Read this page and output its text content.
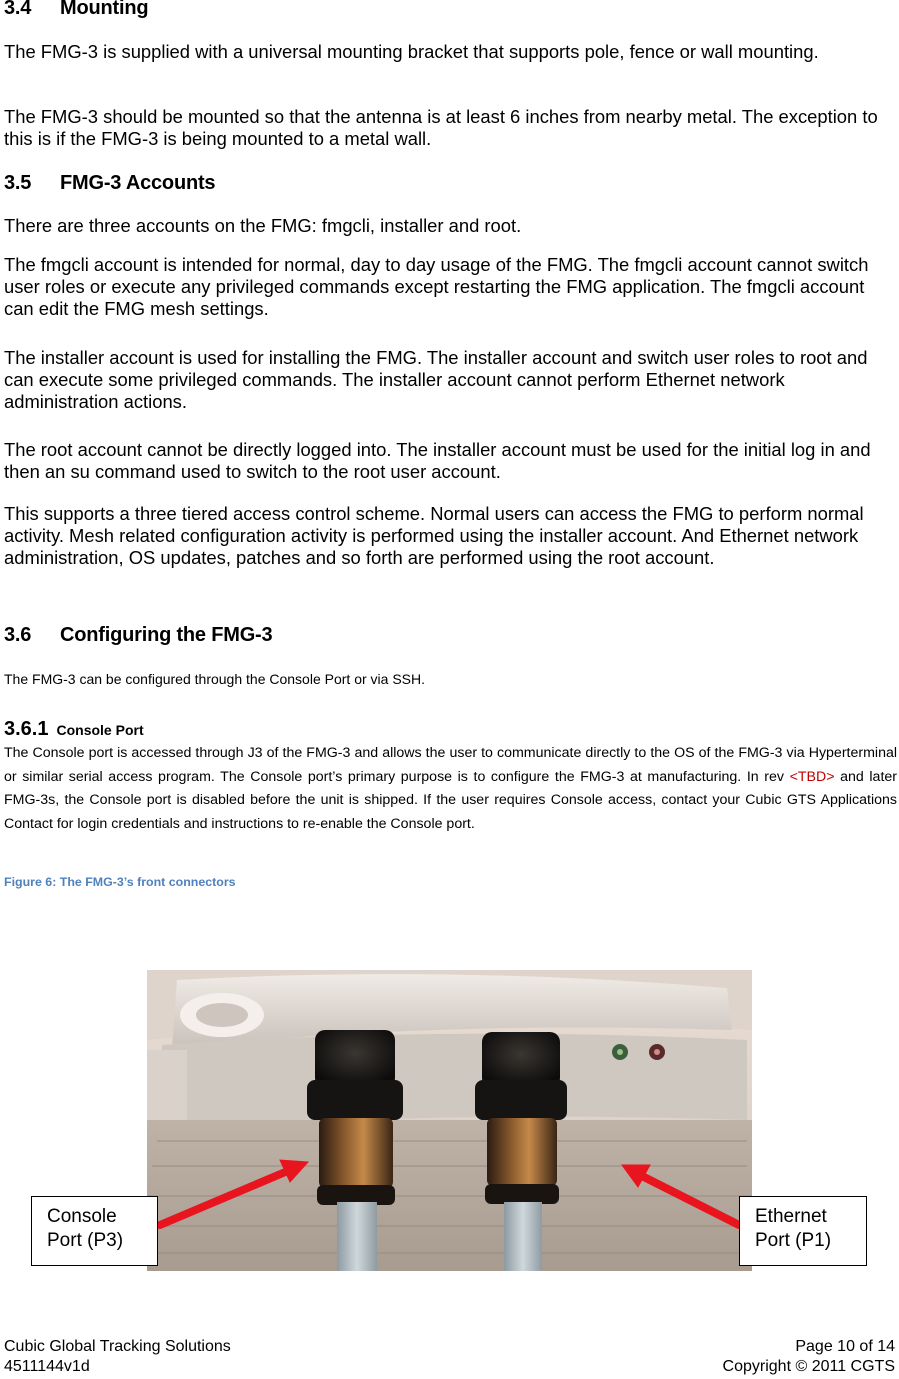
3.4 Mounting

The FMG-3 is supplied with a universal mounting bracket that supports pole, fence or wall mounting.

The FMG-3 should be mounted so that the antenna is at least 6 inches from nearby metal. The exception to this is if the FMG-3 is being mounted to a metal wall.

3.5 FMG-3 Accounts

There are three accounts on the FMG: fmgcli, installer and root.

The fmgcli account is intended for normal, day to day usage of the FMG. The fmgcli account cannot switch user roles or execute any privileged commands except restarting the FMG application. The fmgcli account can edit the FMG mesh settings.

The installer account is used for installing the FMG. The installer account and switch user roles to root and can execute some privileged commands. The installer account cannot perform Ethernet network administration actions.

The root account cannot be directly logged into. The installer account must be used for the initial log in and then an su command used to switch to the root user account.

This supports a three tiered access control scheme. Normal users can access the FMG to perform normal activity. Mesh related configuration activity is performed using the installer account. And Ethernet network administration, OS updates, patches and so forth are performed using the root account.

3.6 Configuring the FMG-3

The FMG-3 can be configured through the Console Port or via SSH.

3.6.1 Console Port

The Console port is accessed through J3 of the FMG-3 and allows the user to communicate directly to the OS of the FMG-3 via Hyperterminal or similar serial access program. The Console port’s primary purpose is to configure the FMG-3 at manufacturing. In rev <TBD> and later FMG-3s, the Console port is disabled before the unit is shipped. If the user requires Console access, contact your Cubic GTS Applications Contact for login credentials and instructions to re-enable the Console port.

Figure 6: The FMG-3’s front connectors

Console
Port (P3)
Ethernet
Port (P1)
Cubic Global Tracking Solutions
4511144v1d
Page 10 of 14
Copyright © 2011 CGTS
